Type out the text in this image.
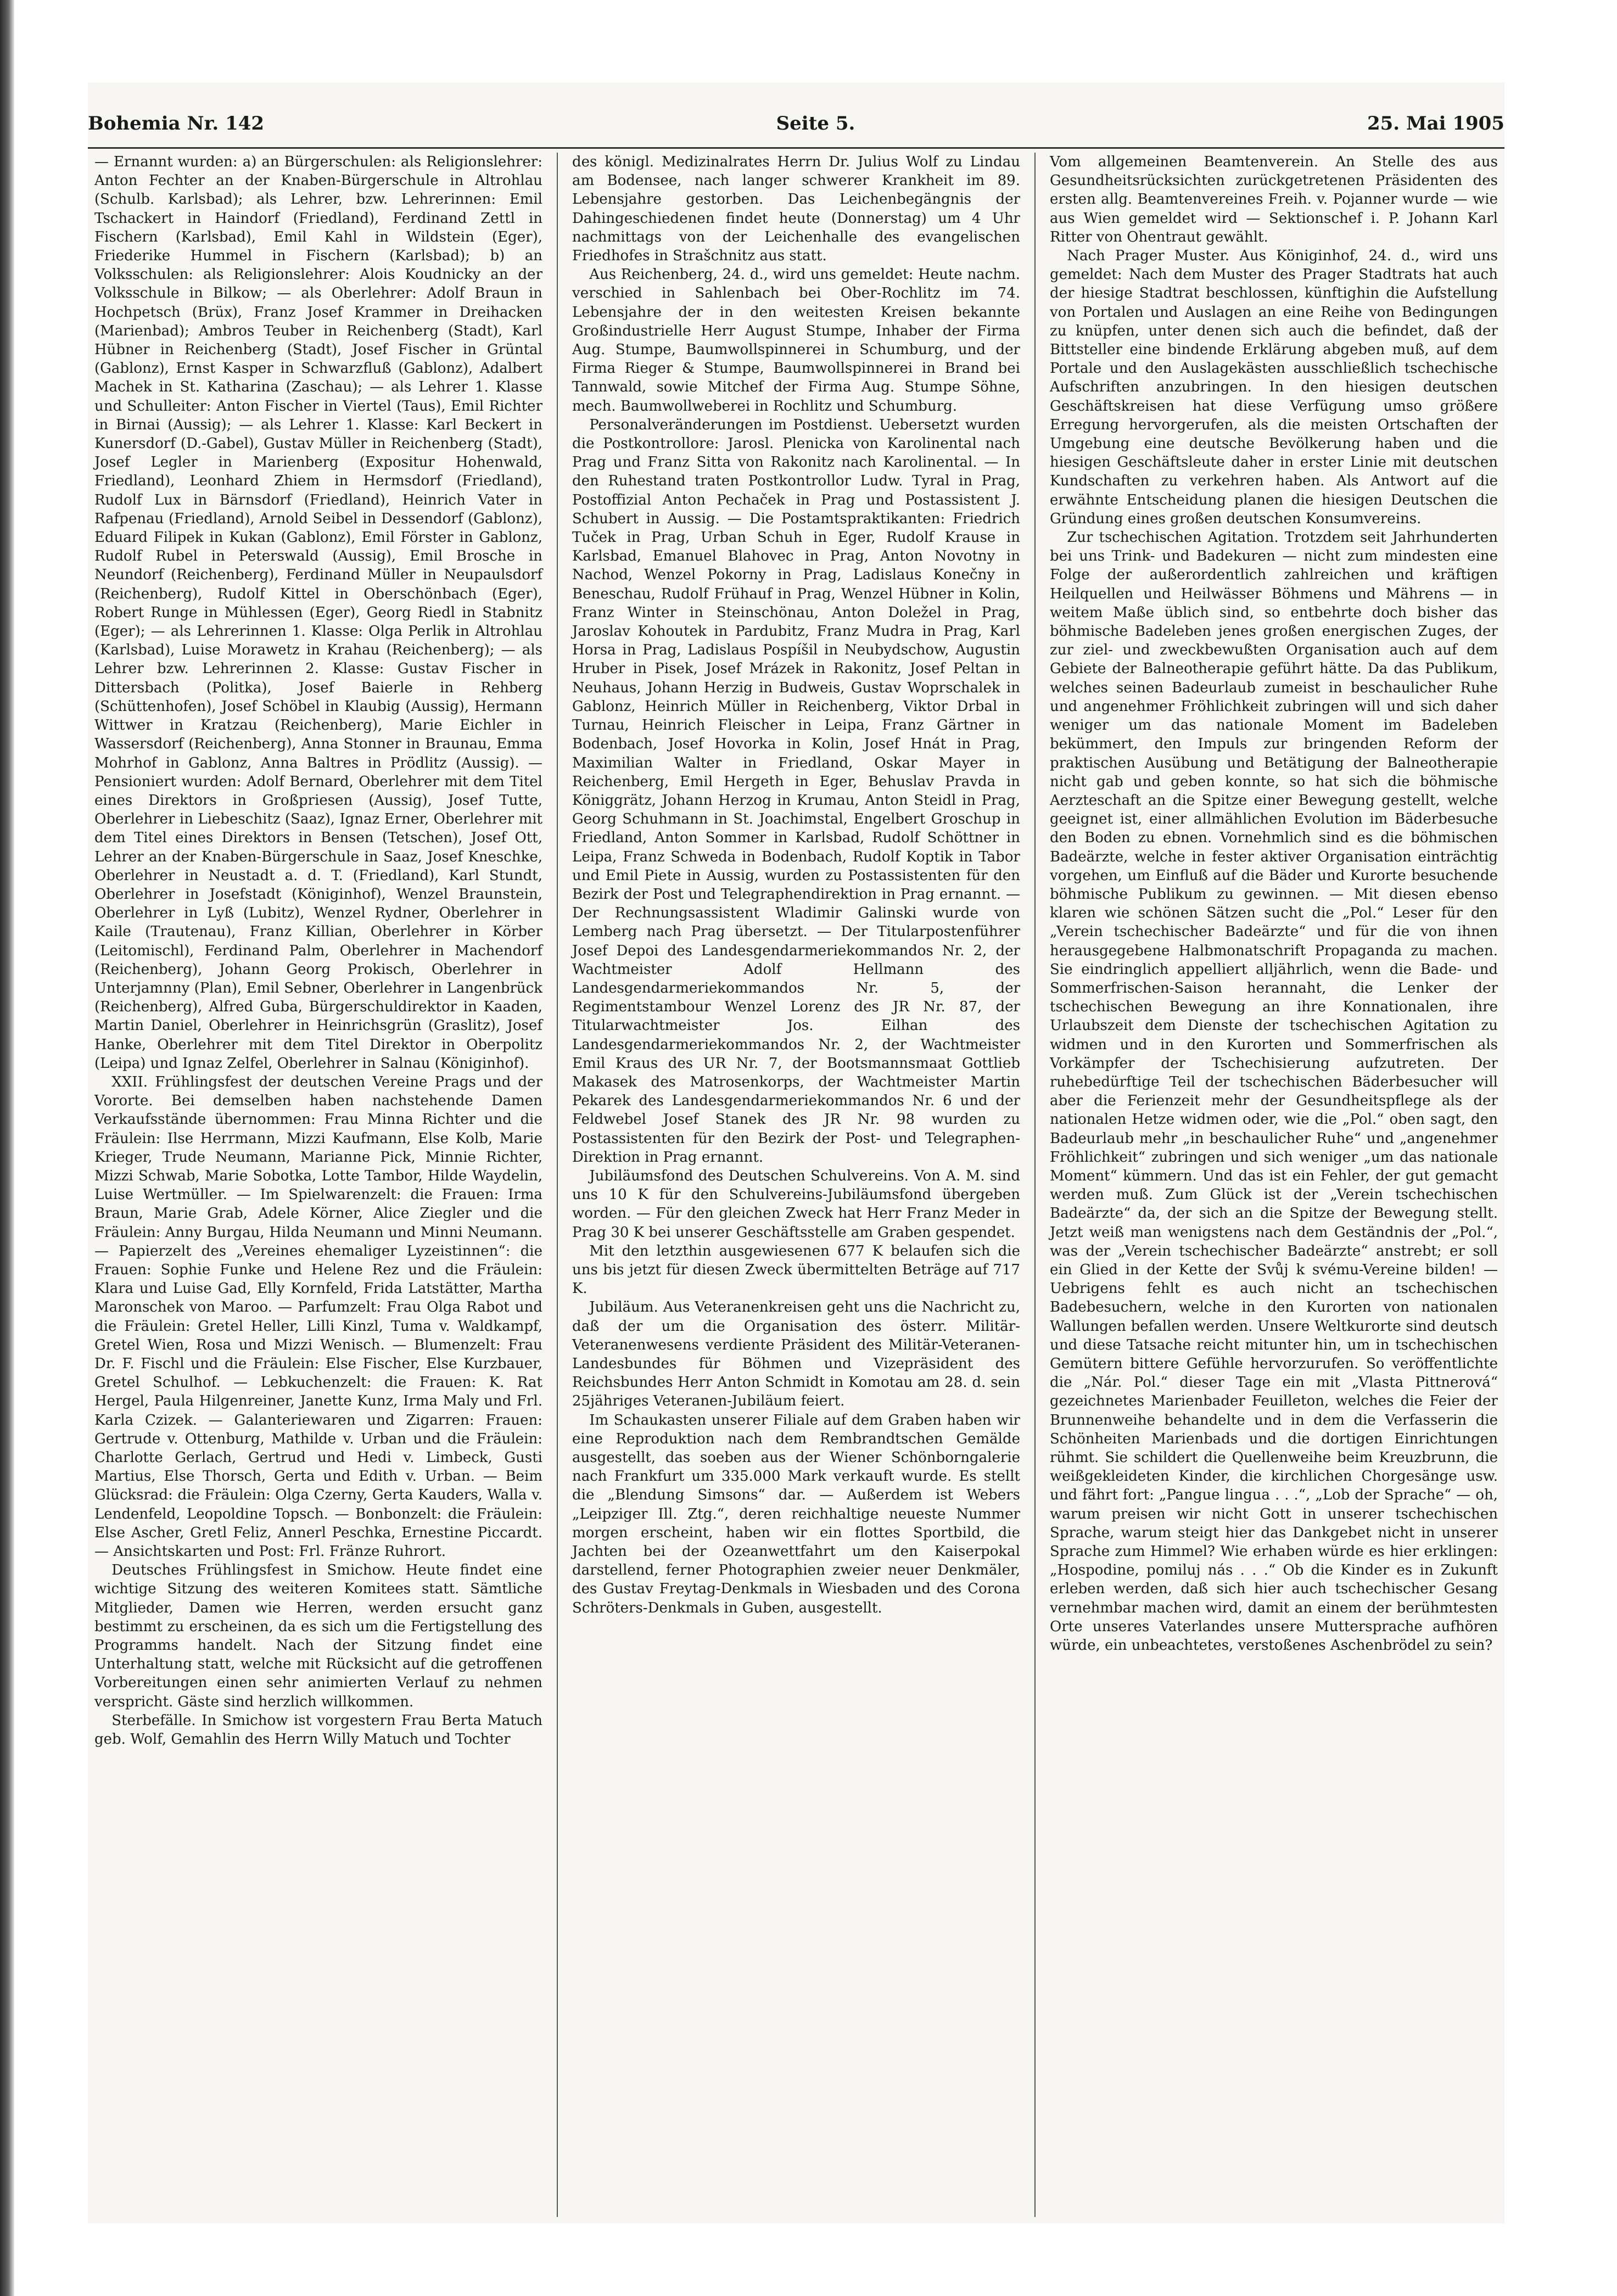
Bohemia Nr. 142	Seite 5.	25. Mai 1905

— Ernannt wurden: a) an Bürgerschulen: als Religionslehrer: Anton Fechter an der Knaben-Bürgerschule in Altrohlau (Schulb. Karlsbad); als Lehrer, bzw. Lehrerinnen: Emil Tschackert in Haindorf (Friedland), Ferdinand Zettl in Fischern (Karlsbad), Emil Kahl in Wildstein (Eger), Friederike Hummel in Fischern (Karlsbad); b) an Volksschulen: als Religionslehrer: Alois Koudnicky an der Volksschule in Bilkow; — als Oberlehrer: Adolf Braun in Hochpetsch (Brüx), Franz Josef Krammer in Dreihacken (Marienbad); Ambros Teuber in Reichenberg (Stadt), Karl Hübner in Reichenberg (Stadt), Josef Fischer in Grüntal (Gablonz), Ernst Kasper in Schwarzfluß (Gablonz), Adalbert Machek in St. Katharina (Zaschau); — als Lehrer 1. Klasse und Schulleiter: Anton Fischer in Viertel (Taus), Emil Richter in Birnai (Aussig); — als Lehrer 1. Klasse: Karl Beckert in Kunersdorf (D.-Gabel), Gustav Müller in Reichenberg (Stadt), Josef Legler in Marienberg (Expositur Hohenwald, Friedland), Leonhard Zhiem in Hermsdorf (Friedland), Rudolf Lux in Bärnsdorf (Friedland), Heinrich Vater in Rafpenau (Friedland), Arnold Seibel in Dessendorf (Gablonz), Eduard Filipek in Kukan (Gablonz), Emil Förster in Gablonz, Rudolf Rubel in Peterswald (Aussig), Emil Brosche in Neundorf (Reichenberg), Ferdinand Müller in Neupaulsdorf (Reichenberg), Rudolf Kittel in Oberschönbach (Eger), Robert Runge in Mühlessen (Eger), Georg Riedl in Stabnitz (Eger); — als Lehrerinnen 1. Klasse: Olga Perlik in Altrohlau (Karlsbad), Luise Morawetz in Krahau (Reichenberg); — als Lehrer bzw. Lehrerinnen 2. Klasse: Gustav Fischer in Dittersbach (Politka), Josef Baierle in Rehberg (Schüttenhofen), Josef Schöbel in Klaubig (Aussig), Hermann Wittwer in Kratzau (Reichenberg), Marie Eichler in Wassersdorf (Reichenberg), Anna Stonner in Braunau, Emma Mohrhof in Gablonz, Anna Baltres in Prödlitz (Aussig). — Pensioniert wurden: Adolf Bernard, Oberlehrer mit dem Titel eines Direktors in Großpriesen (Aussig), Josef Tutte, Oberlehrer in Liebeschitz (Saaz), Ignaz Erner, Oberlehrer mit dem Titel eines Direktors in Bensen (Tetschen), Josef Ott, Lehrer an der Knaben-Bürgerschule in Saaz, Josef Kneschke, Oberlehrer in Neustadt a. d. T. (Friedland), Karl Stundt, Oberlehrer in Josefstadt (Königinhof), Wenzel Braunstein, Oberlehrer in Lyß (Lubitz), Wenzel Rydner, Oberlehrer in Kaile (Trautenau), Franz Killian, Oberlehrer in Körber (Leitomischl), Ferdinand Palm, Oberlehrer in Machendorf (Reichenberg), Johann Georg Prokisch, Oberlehrer in Unterjamnny (Plan), Emil Sebner, Oberlehrer in Langenbrück (Reichenberg), Alfred Guba, Bürgerschuldirektor in Kaaden, Martin Daniel, Oberlehrer in Heinrichsgrün (Graslitz), Josef Hanke, Oberlehrer mit dem Titel Direktor in Oberpolitz (Leipa) und Ignaz Zelfel, Oberlehrer in Salnau (Königinhof).

XXII. Frühlingsfest der deutschen Vereine Prags und der Vororte. Bei demselben haben nachstehende Damen Verkaufsstände übernommen: Frau Minna Richter und die Fräulein: Ilse Herrmann, Mizzi Kaufmann, Else Kolb, Marie Krieger, Trude Neumann, Marianne Pick, Minnie Richter, Mizzi Schwab, Marie Sobotka, Lotte Tambor, Hilde Waydelin, Luise Wertmüller. — Im Spielwarenzelt: die Frauen: Irma Braun, Marie Grab, Adele Körner, Alice Ziegler und die Fräulein: Anny Burgau, Hilda Neumann und Minni Neumann. — Papierzelt des „Vereines ehemaliger Lyzeistinnen“: die Frauen: Sophie Funke und Helene Rez und die Fräulein: Klara und Luise Gad, Elly Kornfeld, Frida Latstätter, Martha Maronschek von Maroo. — Parfumzelt: Frau Olga Rabot und die Fräulein: Gretel Heller, Lilli Kinzl, Tuma v. Waldkampf, Gretel Wien, Rosa und Mizzi Wenisch. — Blumenzelt: Frau Dr. F. Fischl und die Fräulein: Else Fischer, Else Kurzbauer, Gretel Schulhof. — Lebkuchenzelt: die Frauen: K. Rat Hergel, Paula Hilgenreiner, Janette Kunz, Irma Maly und Frl. Karla Czizek. — Galanteriewaren und Zigarren: Frauen: Gertrude v. Ottenburg, Mathilde v. Urban und die Fräulein: Charlotte Gerlach, Gertrud und Hedi v. Limbeck, Gusti Martius, Else Thorsch, Gerta und Edith v. Urban. — Beim Glücksrad: die Fräulein: Olga Czerny, Gerta Kauders, Walla v. Lendenfeld, Leopoldine Topsch. — Bonbonzelt: die Fräulein: Else Ascher, Gretl Feliz, Annerl Peschka, Ernestine Piccardt. — Ansichtskarten und Post: Frl. Fränze Ruhrort.

Deutsches Frühlingsfest in Smichow. Heute findet eine wichtige Sitzung des weiteren Komitees statt. Sämtliche Mitglieder, Damen wie Herren, werden ersucht ganz bestimmt zu erscheinen, da es sich um die Fertigstellung des Programms handelt. Nach der Sitzung findet eine Unterhaltung statt, welche mit Rücksicht auf die getroffenen Vorbereitungen einen sehr animierten Verlauf zu nehmen verspricht. Gäste sind herzlich willkommen.

Sterbefälle. In Smichow ist vorgestern Frau Berta Matuch geb. Wolf, Gemahlin des Herrn Willy Matuch und Tochter

des königl. Medizinalrates Herrn Dr. Julius Wolf zu Lindau am Bodensee, nach langer schwerer Krankheit im 89. Lebensjahre gestorben. Das Leichenbegängnis der Dahingeschiedenen findet heute (Donnerstag) um 4 Uhr nachmittags von der Leichenhalle des evangelischen Friedhofes in Strašchnitz aus statt.

Aus Reichenberg, 24. d., wird uns gemeldet: Heute nachm. verschied in Sahlenbach bei Ober-Rochlitz im 74. Lebensjahre der in den weitesten Kreisen bekannte Großindustrielle Herr August Stumpe, Inhaber der Firma Aug. Stumpe, Baumwollspinnerei in Schumburg, und der Firma Rieger & Stumpe, Baumwollspinnerei in Brand bei Tannwald, sowie Mitchef der Firma Aug. Stumpe Söhne, mech. Baumwollweberei in Rochlitz und Schumburg.

Personalveränderungen im Postdienst. Uebersetzt wurden die Postkontrollore: Jarosl. Plenicka von Karolinental nach Prag und Franz Sitta von Rakonitz nach Karolinental. — In den Ruhestand traten Postkontrollor Ludw. Tyral in Prag, Postoffizial Anton Pechaček in Prag und Postassistent J. Schubert in Aussig. — Die Postamtspraktikanten: Friedrich Tuček in Prag, Urban Schuh in Eger, Rudolf Krause in Karlsbad, Emanuel Blahovec in Prag, Anton Novotny in Nachod, Wenzel Pokorny in Prag, Ladislaus Konečny in Beneschau, Rudolf Frühauf in Prag, Wenzel Hübner in Kolin, Franz Winter in Steinschönau, Anton Doležel in Prag, Jaroslav Kohoutek in Pardubitz, Franz Mudra in Prag, Karl Horsa in Prag, Ladislaus Pospíšil in Neubydschow, Augustin Hruber in Pisek, Josef Mrázek in Rakonitz, Josef Peltan in Neuhaus, Johann Herzig in Budweis, Gustav Woprschalek in Gablonz, Heinrich Müller in Reichenberg, Viktor Drbal in Turnau, Heinrich Fleischer in Leipa, Franz Gärtner in Bodenbach, Josef Hovorka in Kolin, Josef Hnát in Prag, Maximilian Walter in Friedland, Oskar Mayer in Reichenberg, Emil Hergeth in Eger, Behuslav Pravda in Königgrätz, Johann Herzog in Krumau, Anton Steidl in Prag, Georg Schuhmann in St. Joachimstal, Engelbert Groschup in Friedland, Anton Sommer in Karlsbad, Rudolf Schöttner in Leipa, Franz Schweda in Bodenbach, Rudolf Koptik in Tabor und Emil Piete in Aussig, wurden zu Postassistenten für den Bezirk der Post und Telegraphendirektion in Prag ernannt. — Der Rechnungsassistent Wladimir Galinski wurde von Lemberg nach Prag übersetzt. — Der Titularpostenführer Josef Depoi des Landesgendarmeriekommandos Nr. 2, der Wachtmeister Adolf Hellmann des Landesgendarmeriekommandos Nr. 5, der Regimentstambour Wenzel Lorenz des JR Nr. 87, der Titularwachtmeister Jos. Eilhan des Landesgendarmeriekommandos Nr. 2, der Wachtmeister Emil Kraus des UR Nr. 7, der Bootsmannsmaat Gottlieb Makasek des Matrosenkorps, der Wachtmeister Martin Pekarek des Landesgendarmeriekommandos Nr. 6 und der Feldwebel Josef Stanek des JR Nr. 98 wurden zu Postassistenten für den Bezirk der Post- und Telegraphen-Direktion in Prag ernannt.

Jubiläumsfond des Deutschen Schulvereins. Von A. M. sind uns 10 K für den Schulvereins-Jubiläumsfond übergeben worden. — Für den gleichen Zweck hat Herr Franz Meder in Prag 30 K bei unserer Geschäftsstelle am Graben gespendet.

Mit den letzthin ausgewiesenen 677 K belaufen sich die uns bis jetzt für diesen Zweck übermittelten Beträge auf 717 K.

Jubiläum. Aus Veteranenkreisen geht uns die Nachricht zu, daß der um die Organisation des österr. Militär-Veteranenwesens verdiente Präsident des Militär-Veteranen-Landesbundes für Böhmen und Vizepräsident des Reichsbundes Herr Anton Schmidt in Komotau am 28. d. sein 25jähriges Veteranen-Jubiläum feiert.

Im Schaukasten unserer Filiale auf dem Graben haben wir eine Reproduktion nach dem Rembrandtschen Gemälde ausgestellt, das soeben aus der Wiener Schönborngalerie nach Frankfurt um 335.000 Mark verkauft wurde. Es stellt die „Blendung Simsons“ dar. — Außerdem ist Webers „Leipziger Ill. Ztg.“, deren reichhaltige neueste Nummer morgen erscheint, haben wir ein flottes Sportbild, die Jachten bei der Ozeanwettfahrt um den Kaiserpokal darstellend, ferner Photographien zweier neuer Denkmäler, des Gustav Freytag-Denkmals in Wiesbaden und des Corona Schröters-Denkmals in Guben, ausgestellt.

Vom allgemeinen Beamtenverein. An Stelle des aus Gesundheitsrücksichten zurückgetretenen Präsidenten des ersten allg. Beamtenvereines Freih. v. Pojanner wurde — wie aus Wien gemeldet wird — Sektionschef i. P. Johann Karl Ritter von Ohentraut gewählt.

Nach Prager Muster. Aus Königinhof, 24. d., wird uns gemeldet: Nach dem Muster des Prager Stadtrats hat auch der hiesige Stadtrat beschlossen, künftighin die Aufstellung von Portalen und Auslagen an eine Reihe von Bedingungen zu knüpfen, unter denen sich auch die befindet, daß der Bittsteller eine bindende Erklärung abgeben muß, auf dem Portale und den Auslagekästen ausschließlich tschechische Aufschriften anzubringen. In den hiesigen deutschen Geschäftskreisen hat diese Verfügung umso größere Erregung hervorgerufen, als die meisten Ortschaften der Umgebung eine deutsche Bevölkerung haben und die hiesigen Geschäftsleute daher in erster Linie mit deutschen Kundschaften zu verkehren haben. Als Antwort auf die erwähnte Entscheidung planen die hiesigen Deutschen die Gründung eines großen deutschen Konsumvereins.

Zur tschechischen Agitation. Trotzdem seit Jahrhunderten bei uns Trink- und Badekuren — nicht zum mindesten eine Folge der außerordentlich zahlreichen und kräftigen Heilquellen und Heilwässer Böhmens und Mährens — in weitem Maße üblich sind, so entbehrte doch bisher das böhmische Badeleben jenes großen energischen Zuges, der zur ziel- und zweckbewußten Organisation auch auf dem Gebiete der Balneotherapie geführt hätte. Da das Publikum, welches seinen Badeurlaub zumeist in beschaulicher Ruhe und angenehmer Fröhlichkeit zubringen will und sich daher weniger um das nationale Moment im Badeleben bekümmert, den Impuls zur bringenden Reform der praktischen Ausübung und Betätigung der Balneotherapie nicht gab und geben konnte, so hat sich die böhmische Aerzteschaft an die Spitze einer Bewegung gestellt, welche geeignet ist, einer allmählichen Evolution im Bäderbesuche den Boden zu ebnen. Vornehmlich sind es die böhmischen Badeärzte, welche in fester aktiver Organisation einträchtig vorgehen, um Einfluß auf die Bäder und Kurorte besuchende böhmische Publikum zu gewinnen. — Mit diesen ebenso klaren wie schönen Sätzen sucht die „Pol.“ Leser für den „Verein tschechischer Badeärzte“ und für die von ihnen herausgegebene Halbmonatschrift Propaganda zu machen. Sie eindringlich appelliert alljährlich, wenn die Bade- und Sommerfrischen-Saison herannaht, die Lenker der tschechischen Bewegung an ihre Konnationalen, ihre Urlaubszeit dem Dienste der tschechischen Agitation zu widmen und in den Kurorten und Sommerfrischen als Vorkämpfer der Tschechisierung aufzutreten. Der ruhebedürftige Teil der tschechischen Bäderbesucher will aber die Ferienzeit mehr der Gesundheitspflege als der nationalen Hetze widmen oder, wie die „Pol.“ oben sagt, den Badeurlaub mehr „in beschaulicher Ruhe“ und „angenehmer Fröhlichkeit“ zubringen und sich weniger „um das nationale Moment“ kümmern. Und das ist ein Fehler, der gut gemacht werden muß. Zum Glück ist der „Verein tschechischen Badeärzte“ da, der sich an die Spitze der Bewegung stellt. Jetzt weiß man wenigstens nach dem Geständnis der „Pol.“, was der „Verein tschechischer Badeärzte“ anstrebt; er soll ein Glied in der Kette der Svůj k svému-Vereine bilden! — Uebrigens fehlt es auch nicht an tschechischen Badebesuchern, welche in den Kurorten von nationalen Wallungen befallen werden. Unsere Weltkurorte sind deutsch und diese Tatsache reicht mitunter hin, um in tschechischen Gemütern bittere Gefühle hervorzurufen. So veröffentlichte die „Nár. Pol.“ dieser Tage ein mit „Vlasta Pittnerová“ gezeichnetes Marienbader Feuilleton, welches die Feier der Brunnenweihe behandelte und in dem die Verfasserin die Schönheiten Marienbads und die dortigen Einrichtungen rühmt. Sie schildert die Quellenweihe beim Kreuzbrunn, die weißgekleideten Kinder, die kirchlichen Chorgesänge usw. und fährt fort: „Pangue lingua . . .“, „Lob der Sprache“ — oh, warum preisen wir nicht Gott in unserer tschechischen Sprache, warum steigt hier das Dankgebet nicht in unserer Sprache zum Himmel? Wie erhaben würde es hier erklingen: „Hospodine, pomiluj nás . . .“ Ob die Kinder es in Zukunft erleben werden, daß sich hier auch tschechischer Gesang vernehmbar machen wird, damit an einem der berühmtesten Orte unseres Vaterlandes unsere Muttersprache aufhören würde, ein unbeachtetes, verstoßenes Aschenbrödel zu sein?
